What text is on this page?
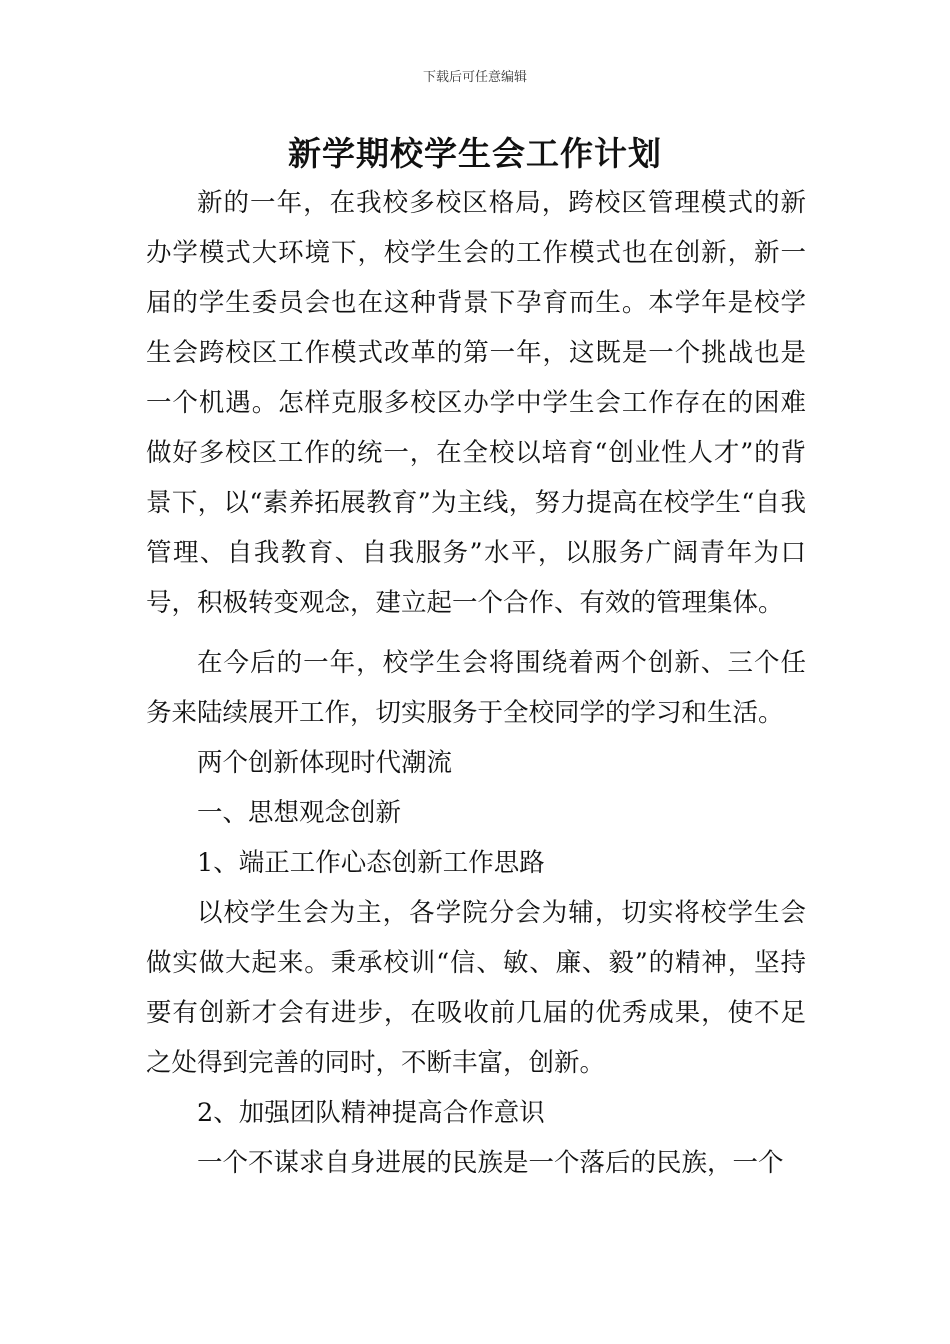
下载后可任意编辑
新学期校学生会工作计划

新的一年，在我校多校区格局，跨校区管理模式的新办学模式大环境下，校学生会的工作模式也在创新，新一届的学生委员会也在这种背景下孕育而生。本学年是校学生会跨校区工作模式改革的第一年，这既是一个挑战也是一个机遇。怎样克服多校区办学中学生会工作存在的困难做好多校区工作的统一，在全校以培育“创业性人才”的背景下，以“素养拓展教育”为主线，努力提高在校学生“自我管理、自我教育、自我服务”水平，以服务广阔青年为口号，积极转变观念，建立起一个合作、有效的管理集体。

在今后的一年，校学生会将围绕着两个创新、三个任务来陆续展开工作，切实服务于全校同学的学习和生活。

两个创新体现时代潮流

一、思想观念创新

1、端正工作心态创新工作思路

以校学生会为主，各学院分会为辅，切实将校学生会做实做大起来。秉承校训“信、敏、廉、毅”的精神，坚持要有创新才会有进步，在吸收前几届的优秀成果，使不足之处得到完善的同时，不断丰富，创新。

2、加强团队精神提高合作意识

一个不谋求自身进展的民族是一个落后的民族，一个
